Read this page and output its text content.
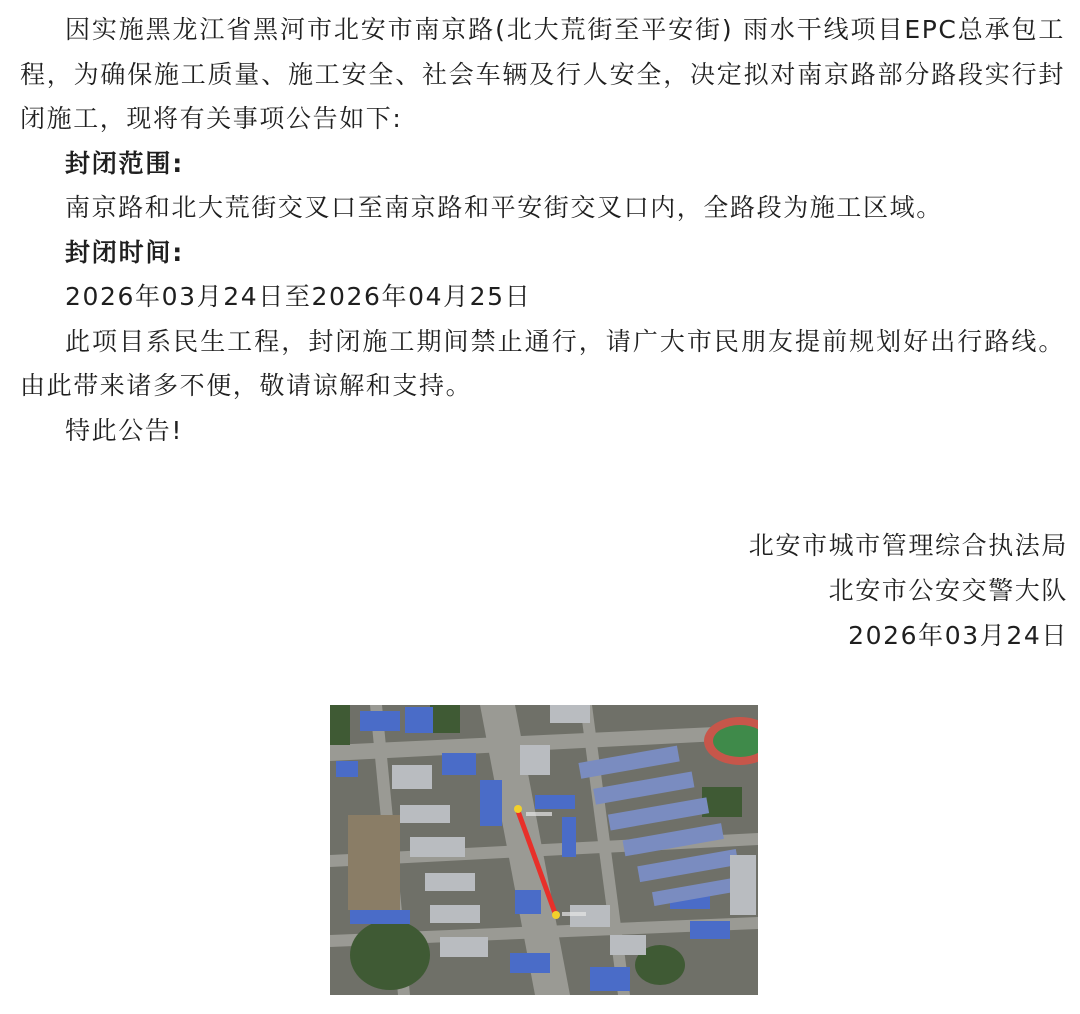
因实施黑龙江省黑河市北安市南京路(北大荒街至平安街) 雨水干线项目EPC总承包工程，为确保施工质量、施工安全、社会车辆及行人安全，决定拟对南京路部分路段实行封闭施工，现将有关事项公告如下:

封闭范围:

南京路和北大荒街交叉口至南京路和平安街交叉口内，全路段为施工区域。

封闭时间:

2026年03月24日至2026年04月25日

此项目系民生工程，封闭施工期间禁止通行，请广大市民朋友提前规划好出行路线。由此带来诸多不便，敬请谅解和支持。

特此公告!

北安市城市管理综合执法局
北安市公安交警大队
2026年03月24日
